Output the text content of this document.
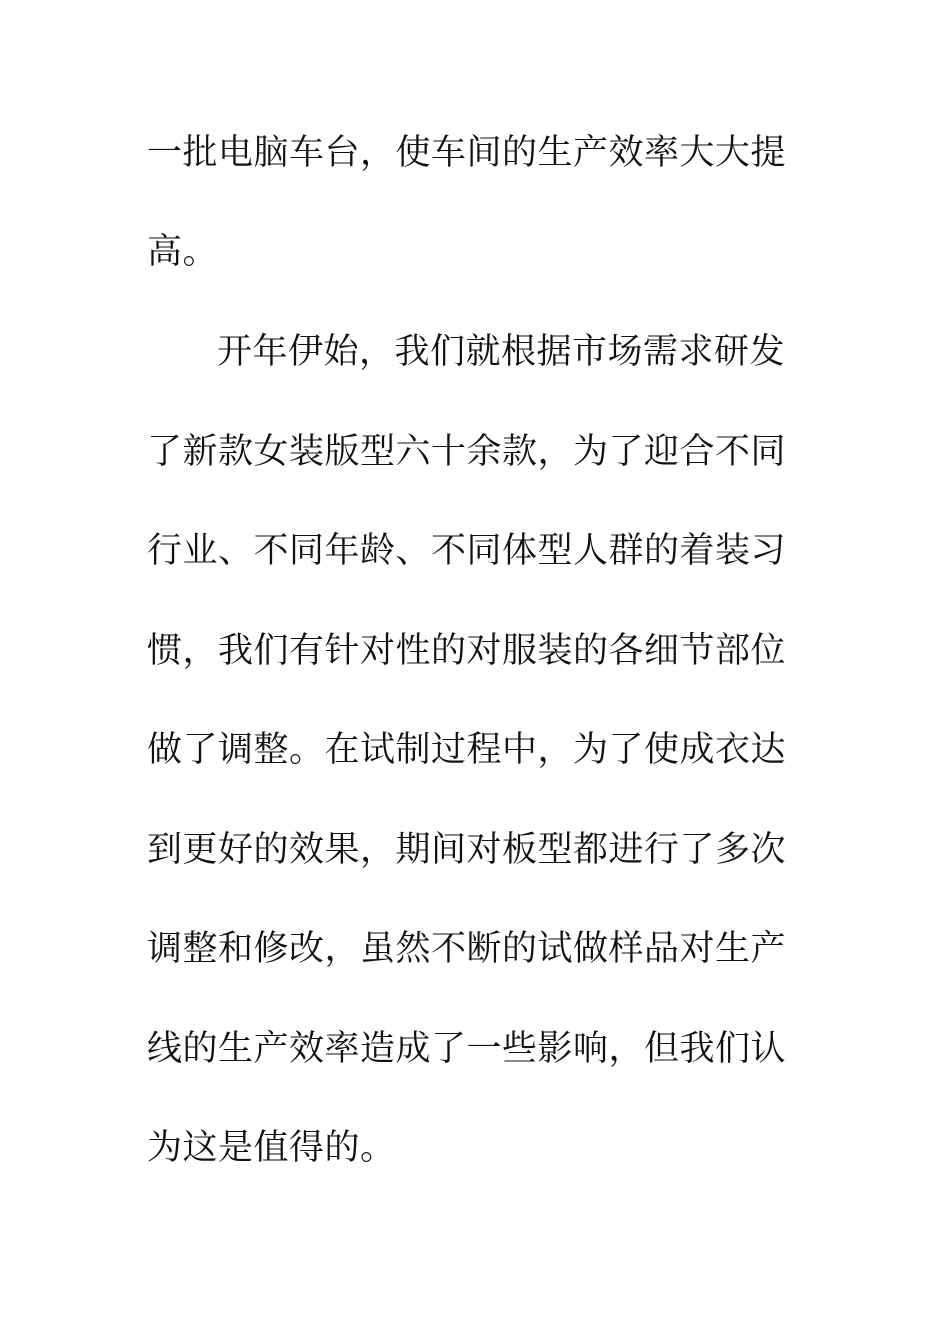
一批电脑车台，使车间的生产效率大大提
高。
开年伊始，我们就根据市场需求研发
了新款女装版型六十余款，为了迎合不同
行业、不同年龄、不同体型人群的着装习
惯，我们有针对性的对服装的各细节部位
做了调整。在试制过程中，为了使成衣达
到更好的效果，期间对板型都进行了多次
调整和修改，虽然不断的试做样品对生产
线的生产效率造成了一些影响，但我们认
为这是值得的。
